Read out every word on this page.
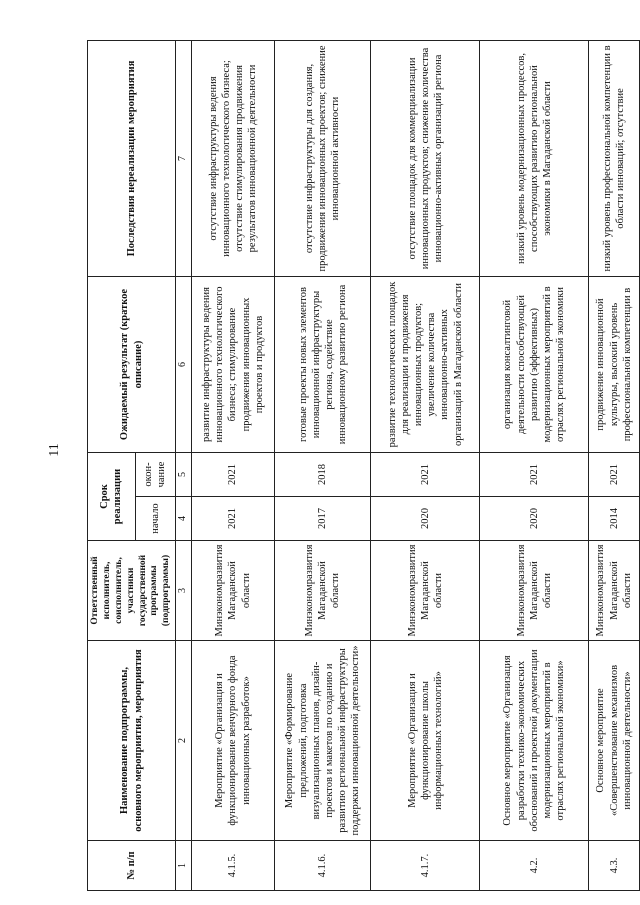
11
№ п/п	Наименование подпрограммы, основного мероприятия, мероприятия	Ответственный исполнитель, соисполнитель, участники государственной программы (подпрограммы)	Срок реализации		Ожидаемый результат (краткое описание)	Последствия нереализации мероприятия
			начало	окон-чание		
1	2	3	4	5	6	7
4.1.5.	Мероприятие «Организация и функционирование венчурного фонда инновационных разработок»	Минэкономразвития Магаданской области	2021	2021	развитие инфраструктуры ведения инновационного технологического бизнеса; стимулирование продвижения инновационных проектов и продуктов	отсутствие инфраструктуры ведения инновационного технологического бизнеса; отсутствие стимулирования продвижения результатов инновационной деятельности
4.1.6.	Мероприятие «Формирование предложений, подготовка визуализационных планов, дизайн-проектов и макетов по созданию и развитию региональной инфраструктуры поддержки инновационной деятельности»	Минэкономразвития Магаданской области	2017	2018	готовые проекты новых элементов инновационной инфраструктуры региона, содействие инновационному развитию региона	отсутствие инфраструктуры для создания, продвижения инновационных проектов; снижение инновационной активности
4.1.7.	Мероприятие «Организация и функционирование школы информационных технологий»	Минэкономразвития Магаданской области	2020	2021	развитие технологических площадок для реализации и продвижения инновационных продуктов; увеличение количества инновационно-активных организаций в Магаданской области	отсутствие площадок для коммерциализации инновационных продуктов; снижение количества инновационно-активных организаций региона
4.2.	Основное мероприятие «Организация разработки технико-экономических обоснований и проектной документации модернизационных мероприятий в отраслях региональной экономики»	Минэкономразвития Магаданской области	2020	2021	организация консалтинговой деятельности способствующей развитию (эффективных) модернизационных мероприятий в отраслях региональной экономики	низкий уровень модернизационных процессов, способствующих развитию региональной экономики в Магаданской области
4.3.	Основное мероприятие «Совершенствование механизмов инновационной деятельности»	Минэкономразвития Магаданской области	2014	2021	продвижение инновационной культуры, высокий уровень профессиональной компетенции в	низкий уровень профессиональной компетенции в области инноваций; отсутствие
